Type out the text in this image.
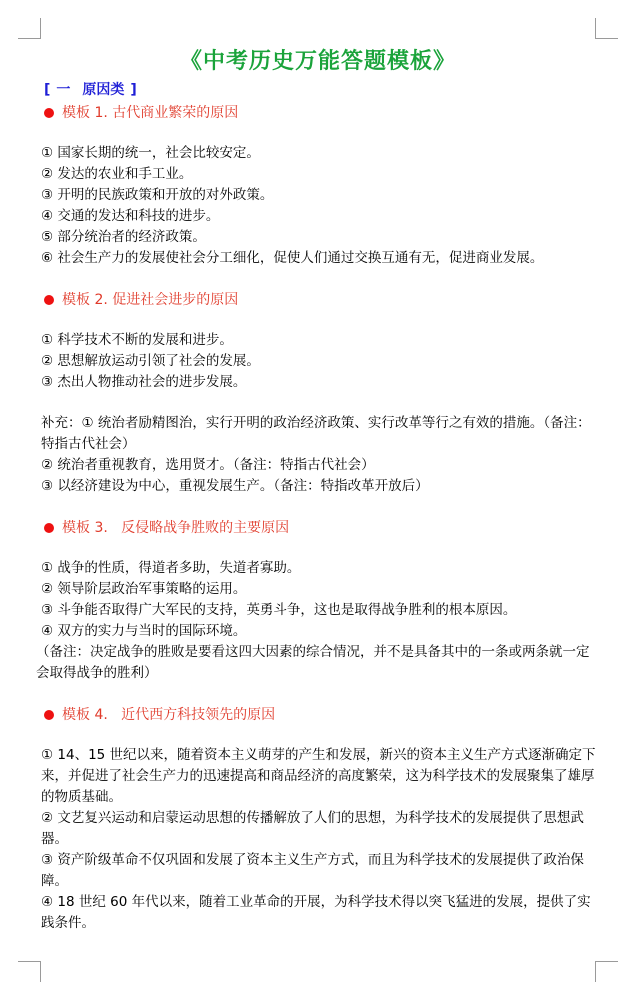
《中考历史万能答题模板》
[ 一 原因类 ]
模板 1. 古代商业繁荣的原因
① 国家长期的统一，社会比较安定。
② 发达的农业和手工业。
③ 开明的民族政策和开放的对外政策。
④ 交通的发达和科技的进步。
⑤ 部分统治者的经济政策。
⑥ 社会生产力的发展使社会分工细化，促使人们通过交换互通有无，促进商业发展。
模板 2. 促进社会进步的原因
① 科学技术不断的发展和进步。
② 思想解放运动引领了社会的发展。
③ 杰出人物推动社会的进步发展。
补充：① 统治者励精图治，实行开明的政治经济政策、实行改革等行之有效的措施。（备注：特指古代社会）
② 统治者重视教育，选用贤才。（备注：特指古代社会）
③ 以经济建设为中心，重视发展生产。（备注：特指改革开放后）
模板 3.   反侵略战争胜败的主要原因
① 战争的性质，得道者多助，失道者寡助。
② 领导阶层政治军事策略的运用。
③ 斗争能否取得广大军民的支持，英勇斗争，这也是取得战争胜利的根本原因。
④ 双方的实力与当时的国际环境。
（备注：决定战争的胜败是要看这四大因素的综合情况，并不是具备其中的一条或两条就一定会取得战争的胜利）
模板 4.   近代西方科技领先的原因
① 14、15 世纪以来，随着资本主义萌芽的产生和发展，新兴的资本主义生产方式逐渐确定下来，并促进了社会生产力的迅速提高和商品经济的高度繁荣，这为科学技术的发展聚集了雄厚的物质基础。
② 文艺复兴运动和启蒙运动思想的传播解放了人们的思想，为科学技术的发展提供了思想武器。
③ 资产阶级革命不仅巩固和发展了资本主义生产方式，而且为科学技术的发展提供了政治保障。
④ 18 世纪 60 年代以来，随着工业革命的开展，为科学技术得以突飞猛进的发展，提供了实践条件。
